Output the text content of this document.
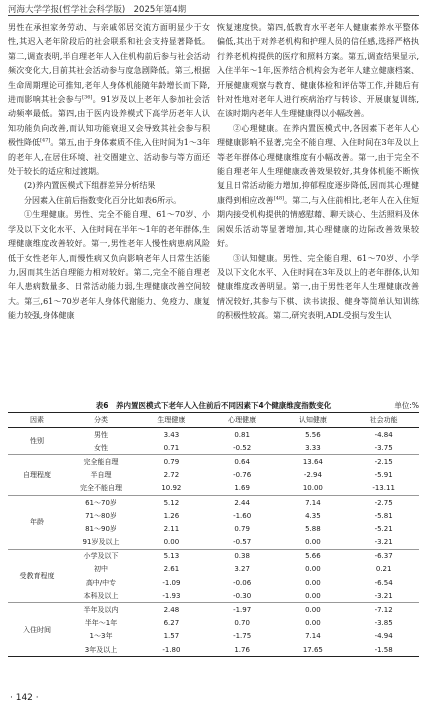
河海大学学报(哲学社会科学版)　2025年第4期

男性在承担家务劳动、与亲戚邻居交流方面明显少于女性,其迟入老年阶段后的社会联系和社会支持显著降低。第二,调查表明,半自理老年人入住机构前后参与社会活动频次变化大,目前其社会活动参与度急剧降低。第三,根据生命周期理论可推知,老年人身体机能随年龄增长而下降,进而影响其社会参与[36]。91岁及以上老年人参加社会活动频率最低。第四,由于医内设养模式下高学历老年人认知功能负向改善,而认知功能衰退又会导致其社会参与积极性降低[47]。第五,由于身体素质不佳,入住时间为1～3年的老年人,在居住环境、社交圈建立、活动参与等方面还处于较长的适应和过渡期。

(2)养内置医模式下组群差异分析结果

分因素入住前后指数变化百分比如表6所示。

①生理健康。男性、完全不能自理、61～70岁、小学及以下文化水平、入住时间在半年～1年的老年群体,生理健康维度改善较好。第一,男性老年人慢性病患病风险低于女性老年人,而慢性病又负向影响老年人日常生活能力,因而其生活自理能力相对较好。第二,完全不能自理老年人患病数量多、日常活动能力弱,生理健康改善空间较大。第三,61～70岁老年人身体代谢能力、免疫力、康复能力较强,身体健康

恢复速度快。第四,低教育水平老年人健康素养水平整体偏低,其出于对养老机构和护理人员的信任感,选择严格执行养老机构提供的医疗和照料方案。第五,调查结果显示,入住半年～1年,医养结合机构会为老年人建立健康档案、开展健康观察与教育、健康体检和评估等工作,并随后有针对性地对老年人进行疾病治疗与转诊、开展康复训练,在该时期内老年人生理健康得以小幅改善。

②心理健康。在养内置医模式中,各因素下老年人心理健康影响不显著,完全不能自理、入住时间在3年及以上等老年群体心理健康维度有小幅改善。第一,由于完全不能自理老年人生理健康改善效果较好,其身体机能不断恢复且日常活动能力增加,抑郁程度逐步降低,因而其心理健康得到相应改善[48]。第二,与入住前相比,老年人在入住短期内接受机构提供的情感慰藉、聊天谈心、生活照料及休闲娱乐活动等显著增加,其心理健康的边际改善效果较好。

③认知健康。男性、完全能自理、61～70岁、小学及以下文化水平、入住时间在3年及以上的老年群体,认知健康维度改善明显。第一,由于男性老年人生理健康改善情况较好,其参与下棋、读书读报、健身等简单认知训练的积极性较高。第二,研究表明,ADL受损与发生认

表6　养内置医模式下老年人入住前后不同因素下4个健康维度指数变化	单位:%
因素	分类	生理健康	心理健康	认知健康	社会功能
性别	男性	3.43	0.81	5.56	-4.84
	女性	0.71	-0.52	3.33	-3.75
自理程度	完全能自理	0.79	0.64	13.64	-2.15
	半自理	2.72	-0.76	-2.94	-5.91
	完全不能自理	10.92	1.69	10.00	-13.11
年龄	61～70岁	5.12	2.44	7.14	-2.75
	71～80岁	1.26	-1.60	4.35	-5.81
	81～90岁	2.11	0.79	5.88	-5.21
	91岁及以上	0.00	-0.57	0.00	-3.21
受教育程度	小学及以下	5.13	0.38	5.66	-6.37
	初中	2.61	3.27	0.00	0.21
	高中/中专	-1.09	-0.06	0.00	-6.54
	本科及以上	-1.93	-0.30	0.00	-3.21
入住时间	半年及以内	2.48	-1.97	0.00	-7.12
	半年～1年	6.27	0.70	0.00	-3.85
	1～3年	1.57	-1.75	7.14	-4.94
	3年及以上	-1.80	1.76	17.65	-1.58
· 142 ·
